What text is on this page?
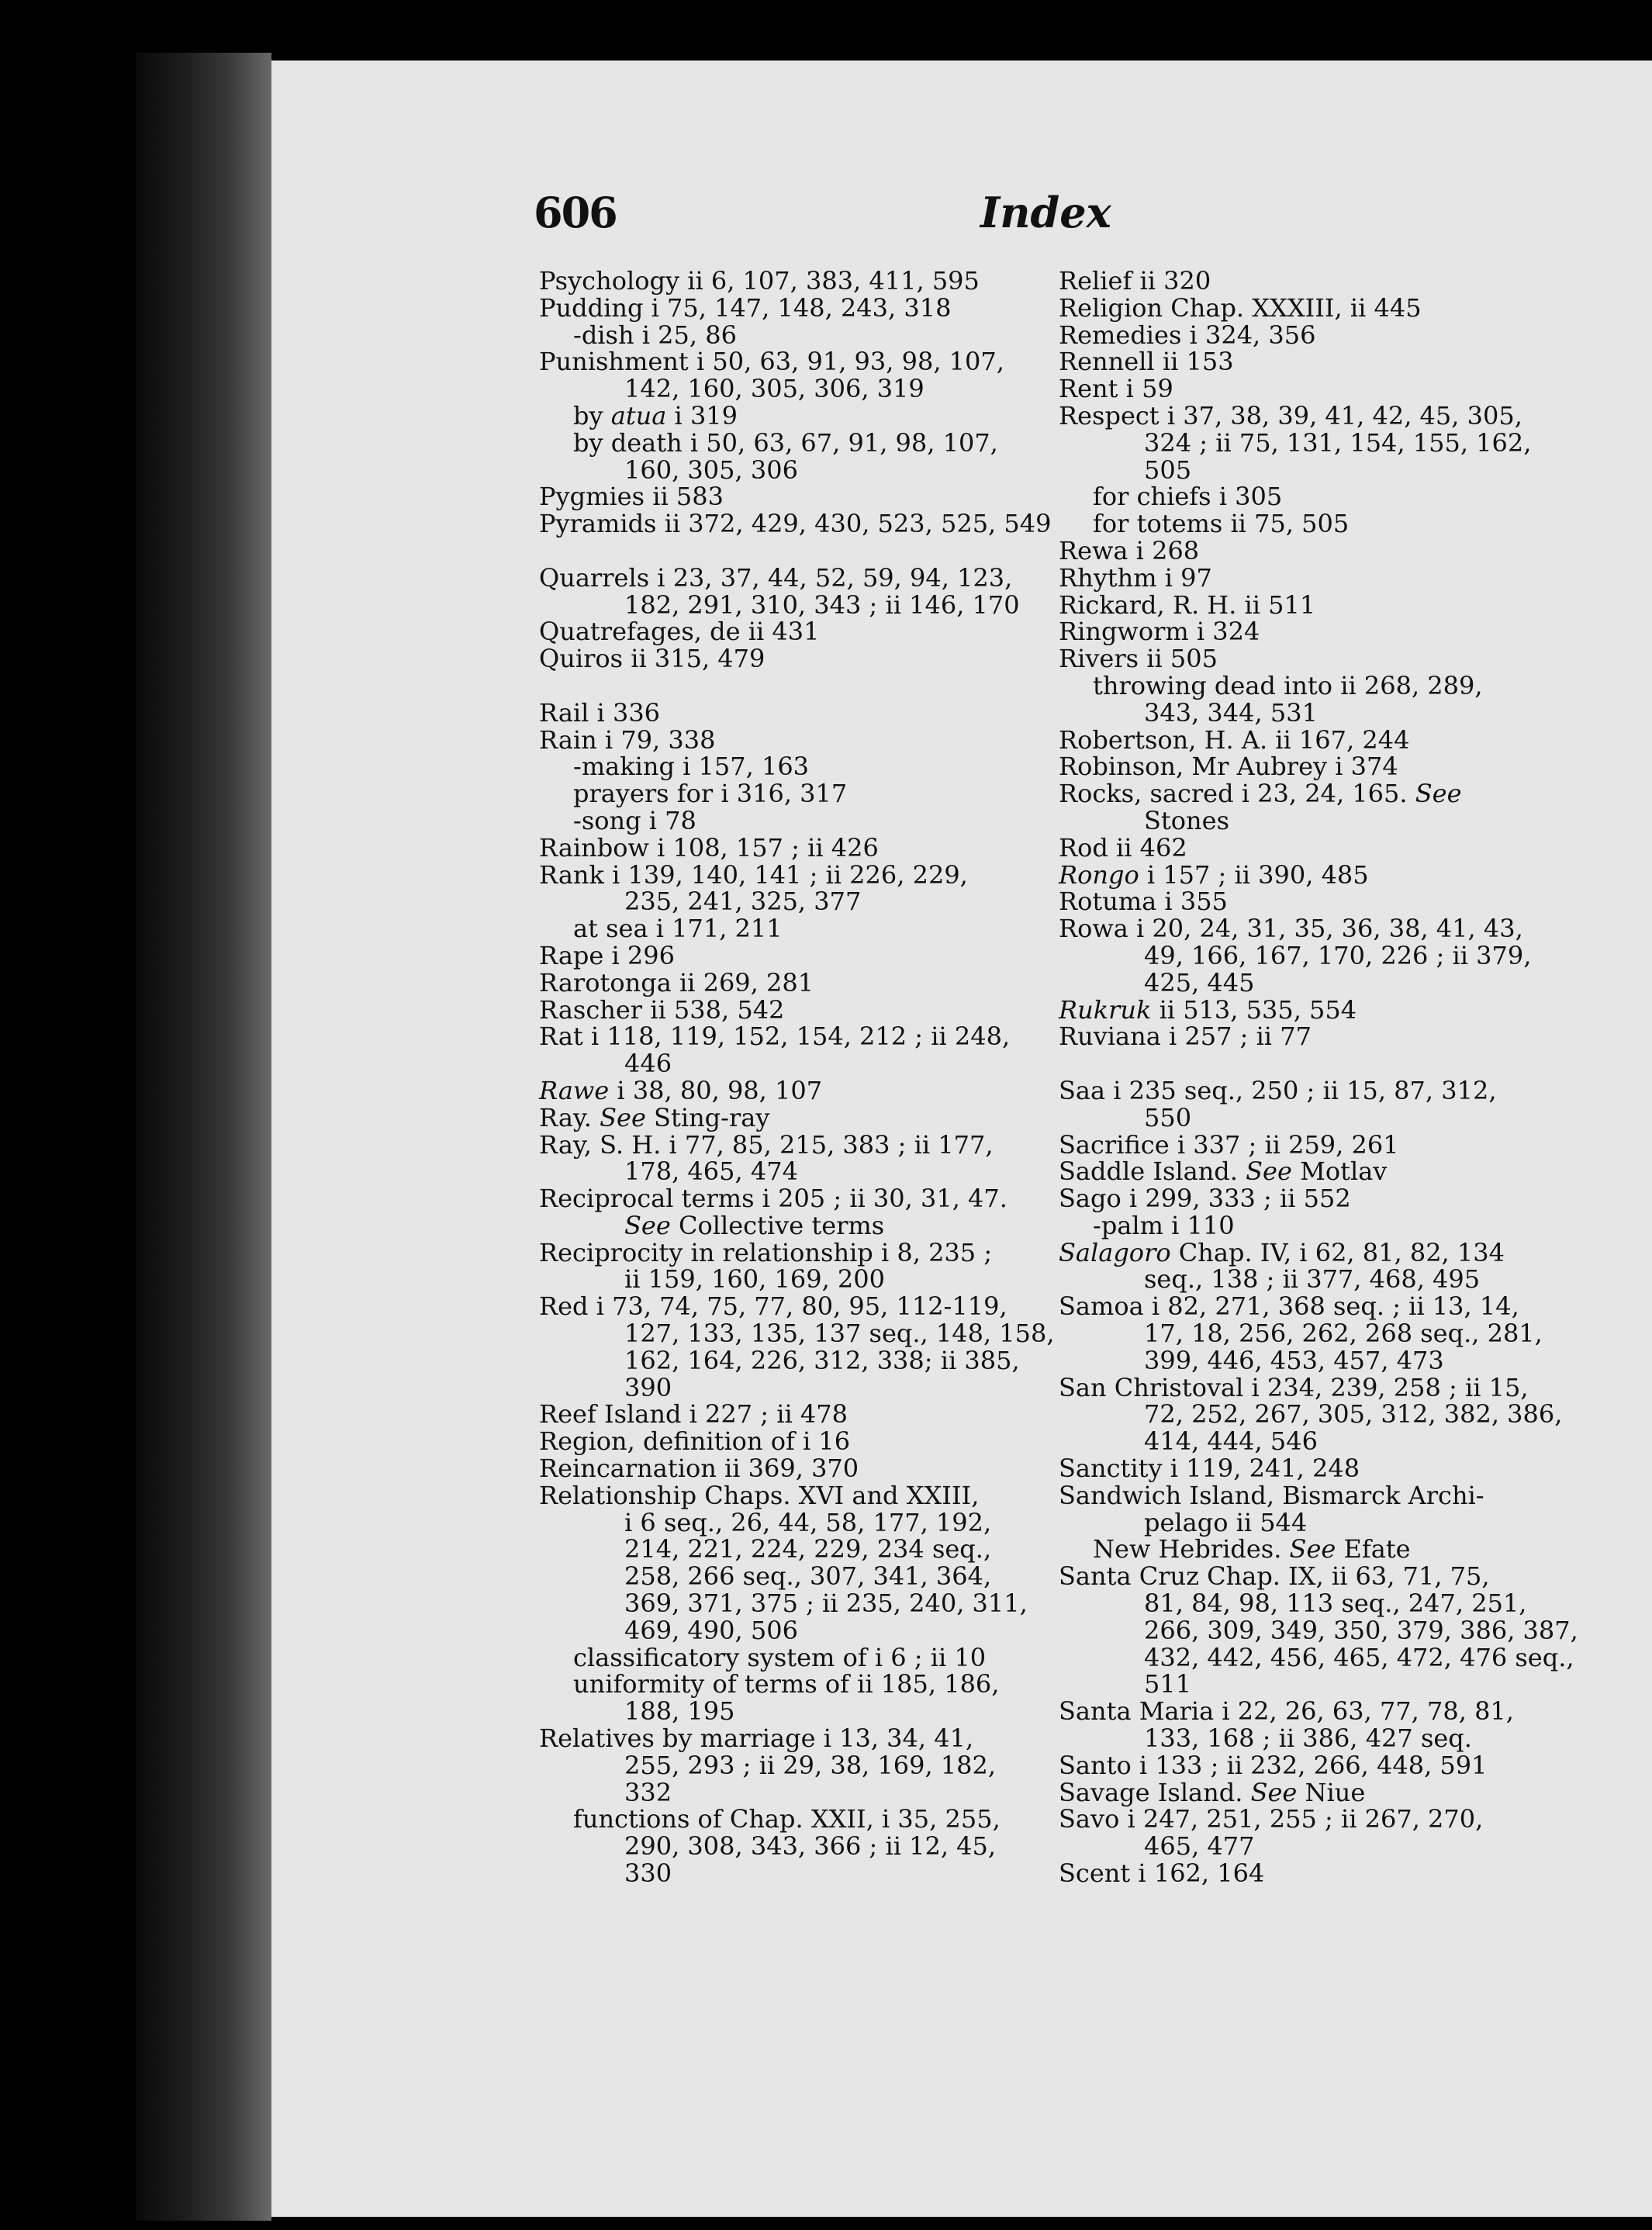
606	Index
Psychology ii 6, 107, 383, 411, 595
Pudding i 75, 147, 148, 243, 318
-dish i 25, 86
Punishment i 50, 63, 91, 93, 98, 107,
142, 160, 305, 306, 319
by atua i 319
by death i 50, 63, 67, 91, 98, 107,
160, 305, 306
Pygmies ii 583
Pyramids ii 372, 429, 430, 523, 525, 549
Quarrels i 23, 37, 44, 52, 59, 94, 123,
182, 291, 310, 343 ; ii 146, 170
Quatrefages, de ii 431
Quiros ii 315, 479
Rail i 336
Rain i 79, 338
-making i 157, 163
prayers for i 316, 317
-song i 78
Rainbow i 108, 157 ; ii 426
Rank i 139, 140, 141 ; ii 226, 229,
235, 241, 325, 377
at sea i 171, 211
Rape i 296
Rarotonga ii 269, 281
Rascher ii 538, 542
Rat i 118, 119, 152, 154, 212 ; ii 248,
446
Rawe i 38, 80, 98, 107
Ray. See Sting-ray
Ray, S. H. i 77, 85, 215, 383 ; ii 177,
178, 465, 474
Reciprocal terms i 205 ; ii 30, 31, 47.
See Collective terms
Reciprocity in relationship i 8, 235 ;
ii 159, 160, 169, 200
Red i 73, 74, 75, 77, 80, 95, 112-119,
127, 133, 135, 137 seq., 148, 158,
162, 164, 226, 312, 338; ii 385,
390
Reef Island i 227 ; ii 478
Region, definition of i 16
Reincarnation ii 369, 370
Relationship Chaps. XVI and XXIII,
i 6 seq., 26, 44, 58, 177, 192,
214, 221, 224, 229, 234 seq.,
258, 266 seq., 307, 341, 364,
369, 371, 375 ; ii 235, 240, 311,
469, 490, 506
classificatory system of i 6 ; ii 10
uniformity of terms of ii 185, 186,
188, 195
Relatives by marriage i 13, 34, 41,
255, 293 ; ii 29, 38, 169, 182,
332
functions of Chap. XXII, i 35, 255,
290, 308, 343, 366 ; ii 12, 45,
330
Relief ii 320
Religion Chap. XXXIII, ii 445
Remedies i 324, 356
Rennell ii 153
Rent i 59
Respect i 37, 38, 39, 41, 42, 45, 305,
324 ; ii 75, 131, 154, 155, 162,
505
for chiefs i 305
for totems ii 75, 505
Rewa i 268
Rhythm i 97
Rickard, R. H. ii 511
Ringworm i 324
Rivers ii 505
throwing dead into ii 268, 289,
343, 344, 531
Robertson, H. A. ii 167, 244
Robinson, Mr Aubrey i 374
Rocks, sacred i 23, 24, 165. See
Stones
Rod ii 462
Rongo i 157 ; ii 390, 485
Rotuma i 355
Rowa i 20, 24, 31, 35, 36, 38, 41, 43,
49, 166, 167, 170, 226 ; ii 379,
425, 445
Rukruk ii 513, 535, 554
Ruviana i 257 ; ii 77
Saa i 235 seq., 250 ; ii 15, 87, 312,
550
Sacrifice i 337 ; ii 259, 261
Saddle Island. See Motlav
Sago i 299, 333 ; ii 552
-palm i 110
Salagoro Chap. IV, i 62, 81, 82, 134
seq., 138 ; ii 377, 468, 495
Samoa i 82, 271, 368 seq. ; ii 13, 14,
17, 18, 256, 262, 268 seq., 281,
399, 446, 453, 457, 473
San Christoval i 234, 239, 258 ; ii 15,
72, 252, 267, 305, 312, 382, 386,
414, 444, 546
Sanctity i 119, 241, 248
Sandwich Island, Bismarck Archi-
pelago ii 544
New Hebrides. See Efate
Santa Cruz Chap. IX, ii 63, 71, 75,
81, 84, 98, 113 seq., 247, 251,
266, 309, 349, 350, 379, 386, 387,
432, 442, 456, 465, 472, 476 seq.,
511
Santa Maria i 22, 26, 63, 77, 78, 81,
133, 168 ; ii 386, 427 seq.
Santo i 133 ; ii 232, 266, 448, 591
Savage Island. See Niue
Savo i 247, 251, 255 ; ii 267, 270,
465, 477
Scent i 162, 164
